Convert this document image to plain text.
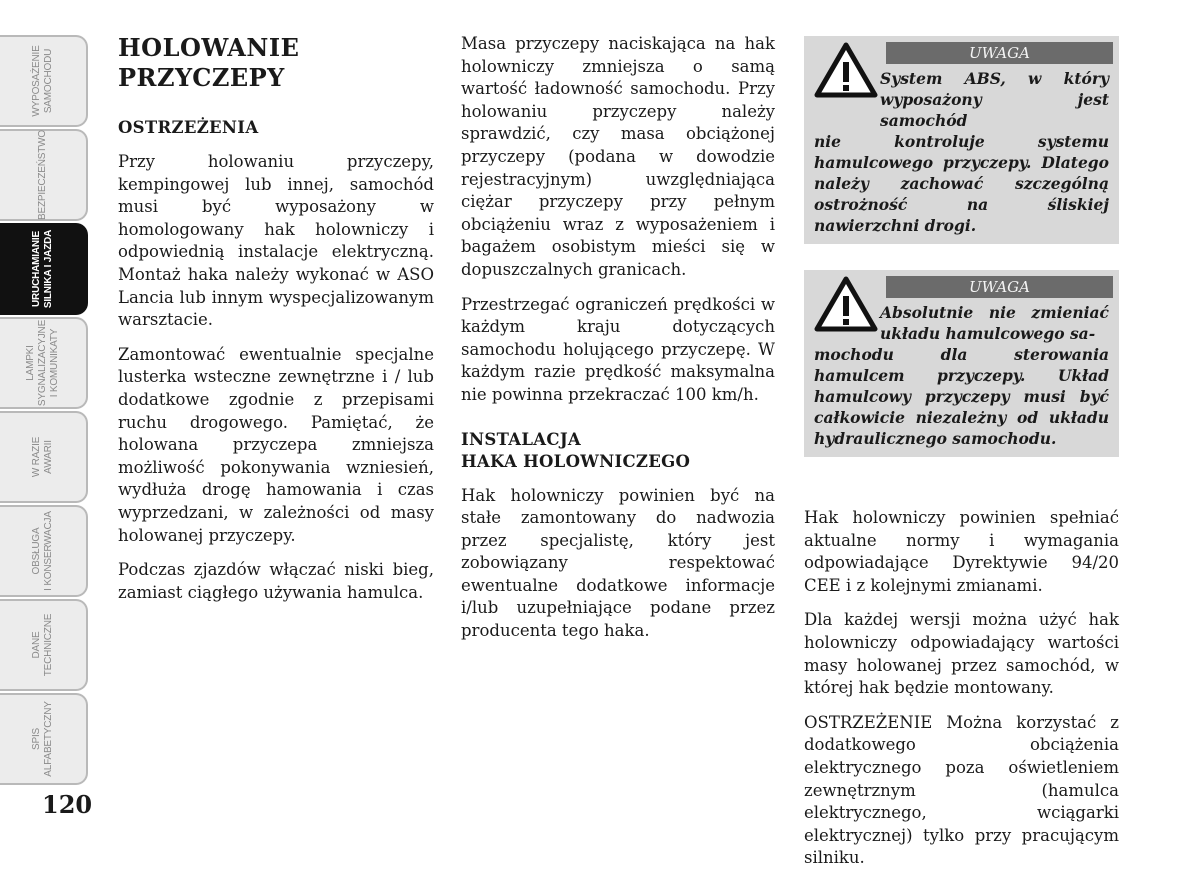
WYPOSAŻENIE
SAMOCHODU
BEZPIECZEŃSTWO
URUCHAMIANIE
SILNIKA I JAZDA
LAMPKI
SYGNALIZACYJNE
I KOMUNIKATY
W RAZIE
AWARII
OBSŁUGA
I KONSERWACJA
DANE
TECHNICZNE
SPIS
ALFABETYCZNY
120
HOLOWANIE
PRZYCZEPY
OSTRZEŻENIA

Przy holowaniu przyczepy, kempingowej lub innej, samochód musi być wyposażony w homologowany hak holowniczy i odpowiednią instalacje elektryczną. Montaż haka należy wykonać w ASO Lancia lub innym wyspecjalizowanym warsztacie.

Zamontować ewentualnie specjalne lusterka wsteczne zewnętrzne i / lub dodatkowe zgodnie z przepisami ruchu drogowego. Pamiętać, że holowana przyczepa zmniejsza możliwość pokonywania wzniesień, wydłuża drogę hamowania i czas wyprzedzani, w zależności od masy holowanej przyczepy.

Podczas zjazdów włączać niski bieg, zamiast ciągłego używania hamulca.

Masa przyczepy naciskająca na hak holowniczy zmniejsza o samą wartość ładowność samochodu. Przy holowaniu przyczepy należy sprawdzić, czy masa obciążonej przyczepy (podana w dowodzie rejestracyjnym) uwzględniająca ciężar przyczepy przy pełnym obciążeniu wraz z wyposażeniem i bagażem osobistym mieści się w dopuszczalnych granicach.

Przestrzegać ograniczeń prędkości w każdym kraju dotyczących samochodu holującego przyczepę. W każdym razie prędkość maksymalna nie powinna przekraczać 100 km/h.

INSTALACJA
HAKA HOLOWNICZEGO

Hak holowniczy powinien być na stałe zamontowany do nadwozia przez specjalistę, który jest zobowiązany respektować ewentualne dodatkowe informacje i/lub uzupełniające podane przez producenta tego haka.

UWAGA
System ABS, w który wyposażony jest samochód
nie kontroluje systemu hamulcowego przyczepy. Dlatego należy zachować szczególną ostrożność na śliskiej nawierzchni drogi.
UWAGA
Absolutnie nie zmieniać układu hamulcowego sa-
mochodu dla sterowania hamulcem przyczepy. Układ hamulcowy przyczepy musi być całkowicie niezależny od układu hydraulicznego samochodu.

Hak holowniczy powinien spełniać aktualne normy i wymagania odpowiadające Dyrektywie 94/20 CEE i z kolejnymi zmianami.

Dla każdej wersji można użyć hak holowniczy odpowiadający wartości masy holowanej przez samochód, w której hak będzie montowany.

OSTRZEŻENIE Można korzystać z dodatkowego obciążenia elektrycznego poza oświetleniem zewnętrznym (hamulca elektrycznego, wciągarki elektrycznej) tylko przy pracującym silniku.
